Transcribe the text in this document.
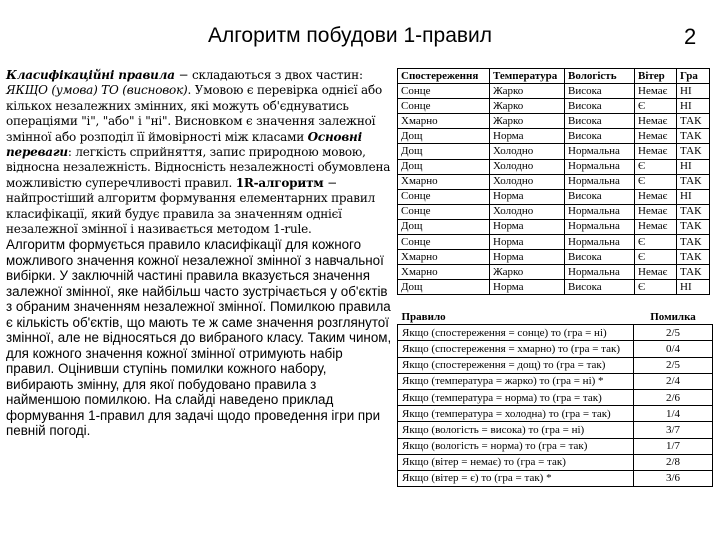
Алгоритм побудови 1-правил	2

Класифікаційні правила − складаються з двох частин: ЯКЩО (умова) ТО (висновок). Умовою є перевірка однієї або кількох незалежних змінних, які можуть об'єднуватись операціями "і", "або" і "ні". Висновком є значення залежної змінної або розподіл її ймовірності між класами Основні переваги: легкість сприйняття, запис природною мовою, відносна незалежність. Відносність незалежності обумовлена можливістю суперечливості правил. 1R-алгоритм − найпростіший алгоритм формування елементарних правил класифікації, який будує правила за значенням однієї незалежної змінної і називається методом 1-rule.

Алгоритм формується правило класифікації для кожного можливого значення кожної незалежної змінної з навчальної вибірки. У заключній частині правила вказується значення залежної змінної, яке найбільш часто зустрічається у об'єктів з обраним значенням незалежної змінної. Помилкою правила є кількість об'єктів, що мають те ж саме значення розглянутої змінної, але не відносяться до вибраного класу. Таким чином, для кожного значення кожної змінної отримують набір правил. Оцінивши ступінь помилки кожного набору, вибирають змінну, для якої побудовано правила з найменшою помилкою. На слайді наведено приклад формування 1-правил для задачі щодо проведення ігри при певній погоді.

Спостереження	Температура	Вологість	Вітер	Гра
Сонце	Жарко	Висока	Немає	НІ
Сонце	Жарко	Висока	Є	НІ
Хмарно	Жарко	Висока	Немає	ТАК
Дощ	Норма	Висока	Немає	ТАК
Дощ	Холодно	Нормальна	Немає	ТАК
Дощ	Холодно	Нормальна	Є	НІ
Хмарно	Холодно	Нормальна	Є	ТАК
Сонце	Норма	Висока	Немає	НІ
Сонце	Холодно	Нормальна	Немає	ТАК
Дощ	Норма	Нормальна	Немає	ТАК
Сонце	Норма	Нормальна	Є	ТАК
Хмарно	Норма	Висока	Є	ТАК
Хмарно	Жарко	Нормальна	Немає	ТАК
Дощ	Норма	Висока	Є	НІ
Правило	Помилка
Якщо (спостереження = сонце) то (гра = ні)	2/5
Якщо (спостереження = хмарно) то (гра = так)	0/4
Якщо (спостереження = дощ) то (гра = так)	2/5
Якщо (температура = жарко) то (гра = ні) *	2/4
Якщо (температура = норма) то (гра = так)	2/6
Якщо (температура = холодна) то (гра = так)	1/4
Якщо (вологість = висока) то (гра = ні)	3/7
Якщо (вологість = норма) то (гра = так)	1/7
Якщо (вітер = немає) то (гра = так)	2/8
Якщо (вітер = є) то (гра = так) *	3/6
